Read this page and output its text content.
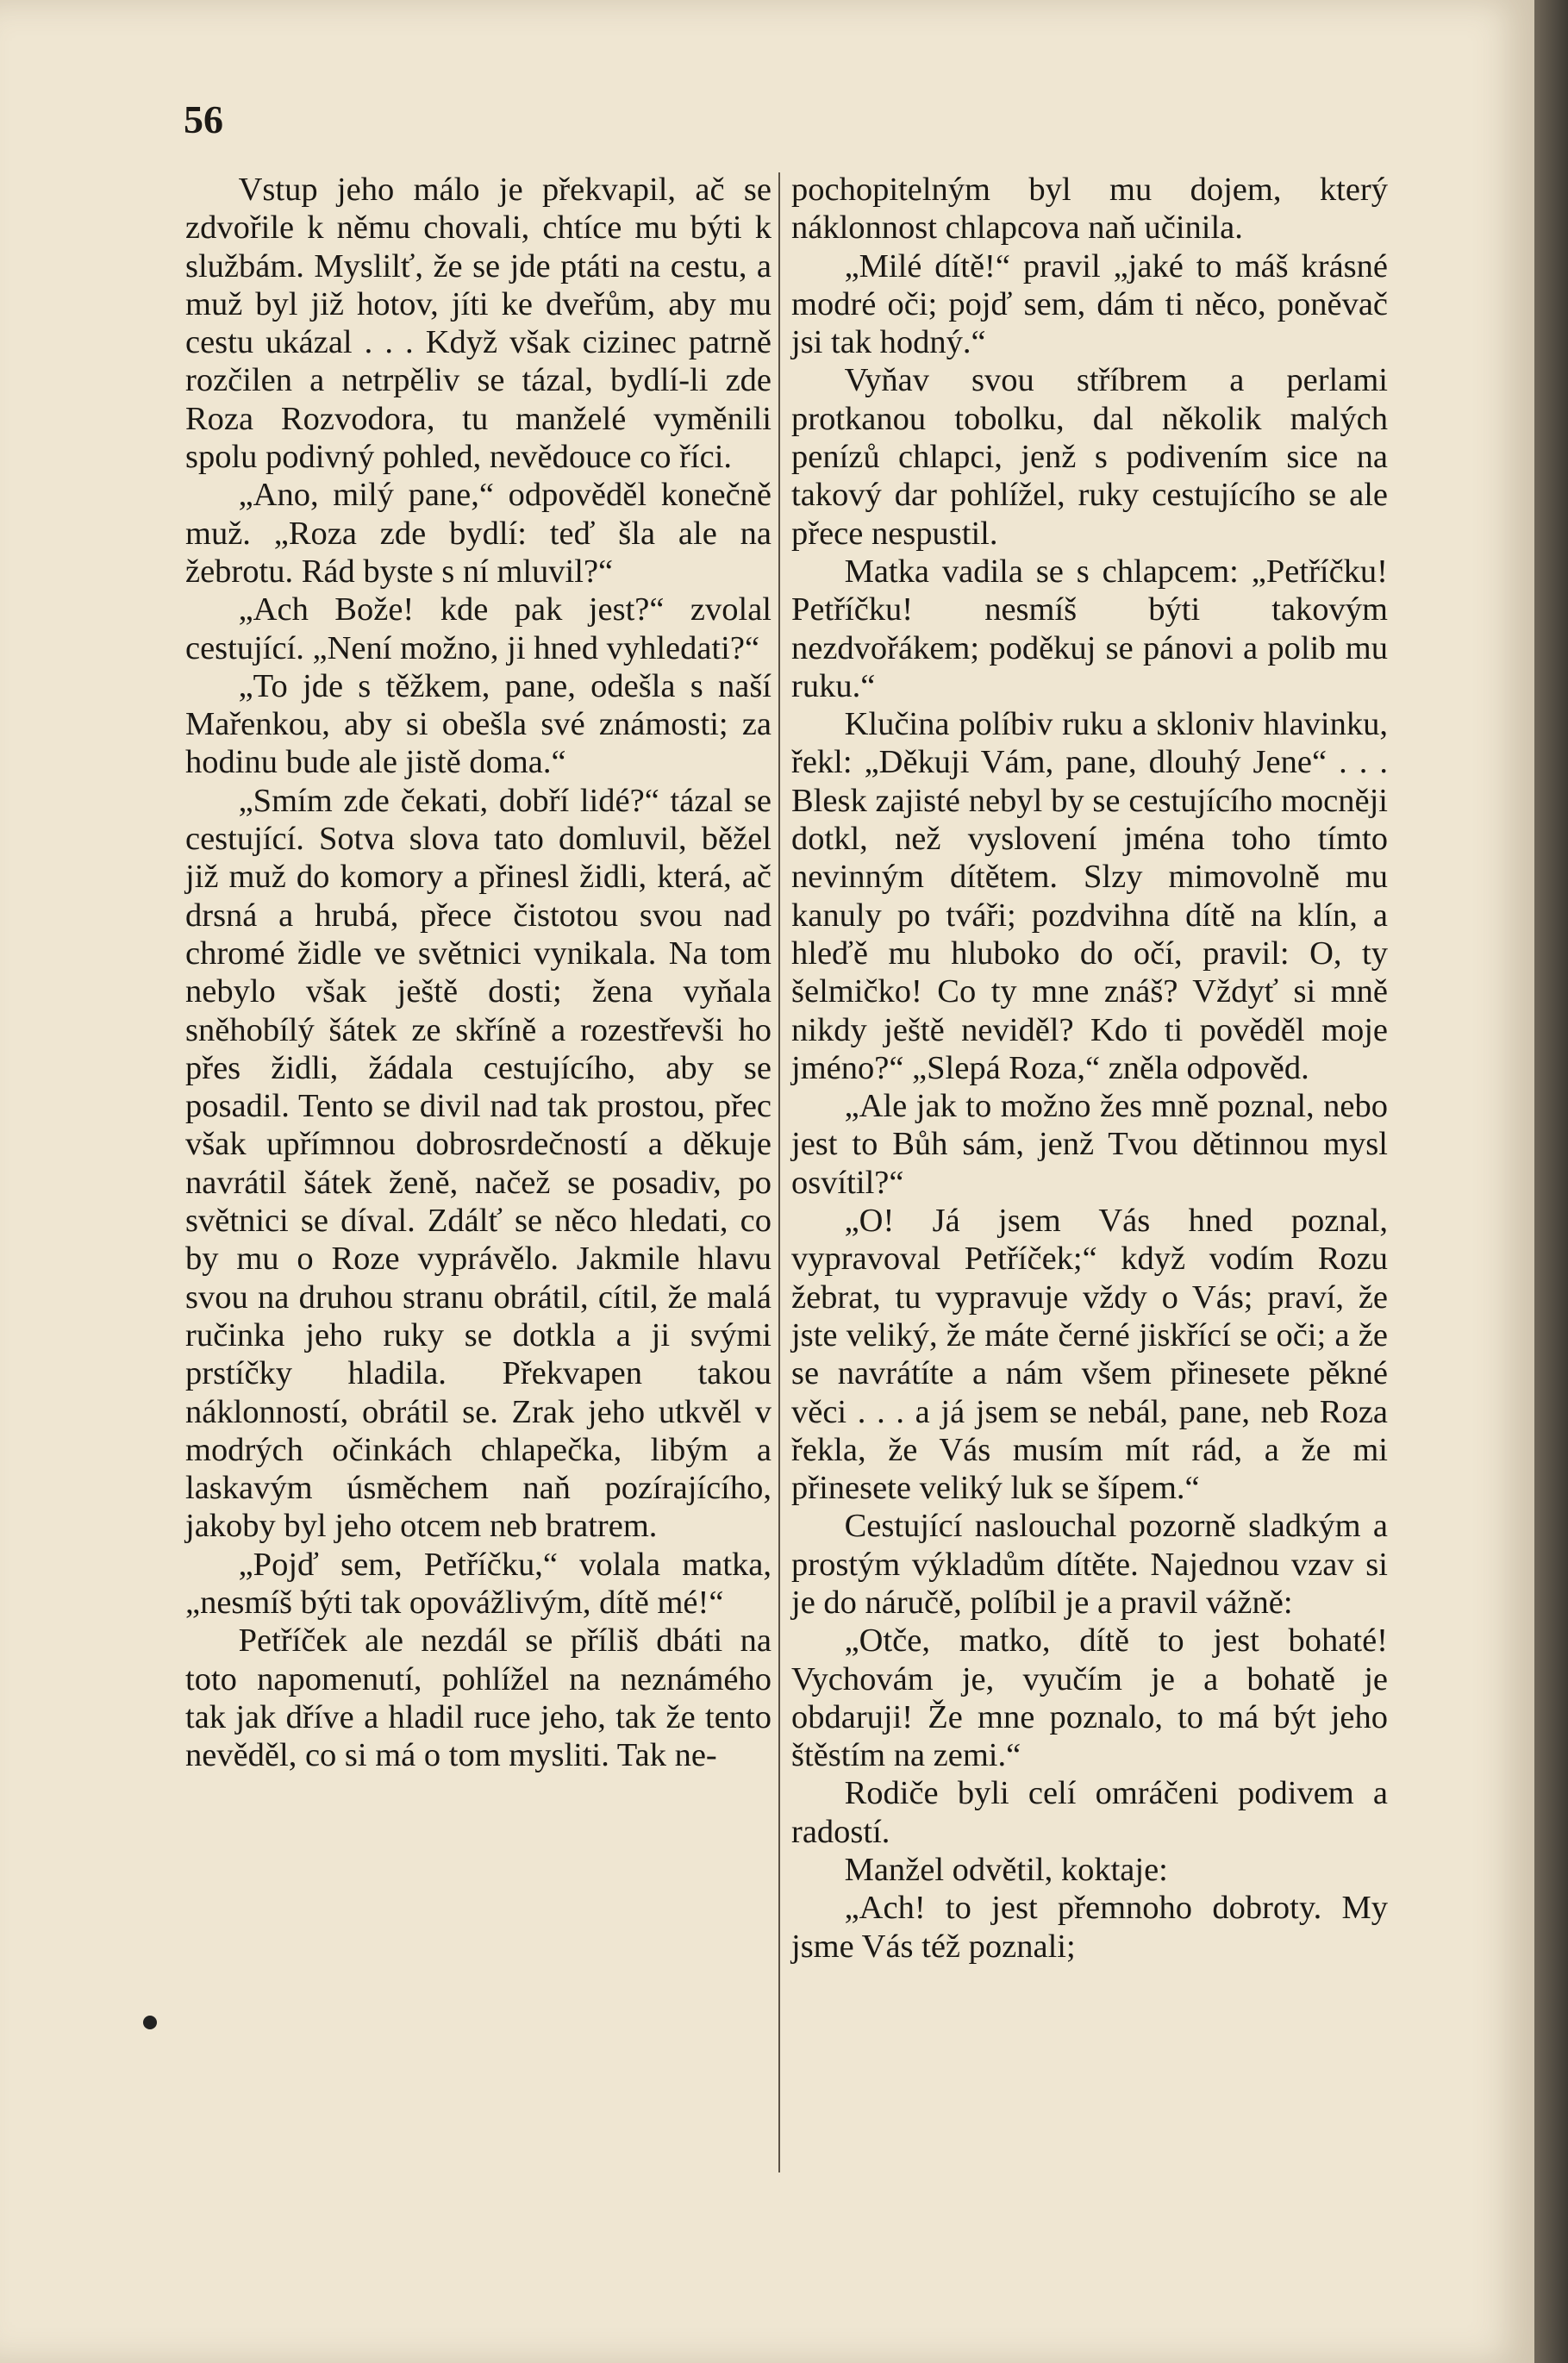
56

Vstup jeho málo je překvapil, ač se zdvořile k němu chovali, chtíce mu býti k službám. Myslilť, že se jde ptáti na cestu, a muž byl již hotov, jíti ke dveřům, aby mu cestu ukázal . . . Když však cizinec patrně rozčilen a netrpěliv se tázal, bydlí-li zde Roza Rozvodora, tu manželé vyměnili spolu podivný pohled, nevědouce co říci.

„Ano, milý pane,“ odpověděl konečně muž. „Roza zde bydlí: teď šla ale na žebrotu. Rád byste s ní mluvil?“

„Ach Bože! kde pak jest?“ zvolal cestující. „Není možno, ji hned vyhledati?“

„To jde s těžkem, pane, odešla s naší Mařenkou, aby si obešla své známosti; za hodinu bude ale jistě doma.“

„Smím zde čekati, dobří lidé?“ tázal se cestující. Sotva slova tato domluvil, běžel již muž do komory a přinesl židli, která, ač drsná a hrubá, přece čistotou svou nad chromé židle ve světnici vynikala. Na tom nebylo však ještě dosti; žena vyňala sněhobílý šátek ze skříně a rozestřevši ho přes židli, žádala cestujícího, aby se posadil. Tento se divil nad tak prostou, přec však upřímnou dobrosrdečností a děkuje navrátil šátek ženě, načež se posadiv, po světnici se díval. Zdálť se něco hledati, co by mu o Roze vyprávělo. Jakmile hlavu svou na druhou stranu obrátil, cítil, že malá ručinka jeho ruky se dotkla a ji svými prstíčky hladila. Překvapen takou náklonností, obrátil se. Zrak jeho utkvěl v modrých očinkách chlapečka, libým a laskavým úsměchem naň pozírajícího, jakoby byl jeho otcem neb bratrem.

„Pojď sem, Petříčku,“ volala matka, „nesmíš býti tak opovážlivým, dítě mé!“

Petříček ale nezdál se příliš dbáti na toto napomenutí, pohlížel na neznámého tak jak dříve a hladil ruce jeho, tak že tento nevěděl, co si má o tom mysliti. Tak ne-

pochopitelným byl mu dojem, který náklonnost chlapcova naň učinila.

„Milé dítě!“ pravil „jaké to máš krásné modré oči; pojď sem, dám ti něco, poněvač jsi tak hodný.“

Vyňav svou stříbrem a perlami protkanou tobolku, dal několik malých penízů chlapci, jenž s podivením sice na takový dar pohlížel, ruky cestujícího se ale přece nespustil.

Matka vadila se s chlapcem: „Petříčku! Petříčku! nesmíš býti takovým nezdvořákem; poděkuj se pánovi a polib mu ruku.“

Klučina políbiv ruku a skloniv hlavinku, řekl: „Děkuji Vám, pane, dlouhý Jene“ . . . Blesk zajisté nebyl by se cestujícího mocněji dotkl, než vyslovení jména toho tímto nevinným dítětem. Slzy mimovolně mu kanuly po tváři; pozdvihna dítě na klín, a hleďě mu hluboko do očí, pravil: O, ty šelmičko! Co ty mne znáš? Vždyť si mně nikdy ještě neviděl? Kdo ti pověděl moje jméno?“ „Slepá Roza,“ zněla odpověd.

„Ale jak to možno žes mně poznal, nebo jest to Bůh sám, jenž Tvou dětinnou mysl osvítil?“

„O! Já jsem Vás hned poznal, vypravoval Petříček;“ když vodím Rozu žebrat, tu vypravuje vždy o Vás; praví, že jste veliký, že máte černé jiskřící se oči; a že se navrátíte a nám všem přinesete pěkné věci . . . a já jsem se nebál, pane, neb Roza řekla, že Vás musím mít rád, a že mi přinesete veliký luk se šípem.“

Cestující naslouchal pozorně sladkým a prostým výkladům dítěte. Najednou vzav si je do náručě, políbil je a pravil vážně:

„Otče, matko, dítě to jest bohaté! Vychovám je, vyučím je a bohatě je obdaruji! Že mne poznalo, to má být jeho štěstím na zemi.“

Rodiče byli celí omráčeni podivem a radostí.

Manžel odvětil, koktaje:

„Ach! to jest přemnoho dobroty. My jsme Vás též poznali;
